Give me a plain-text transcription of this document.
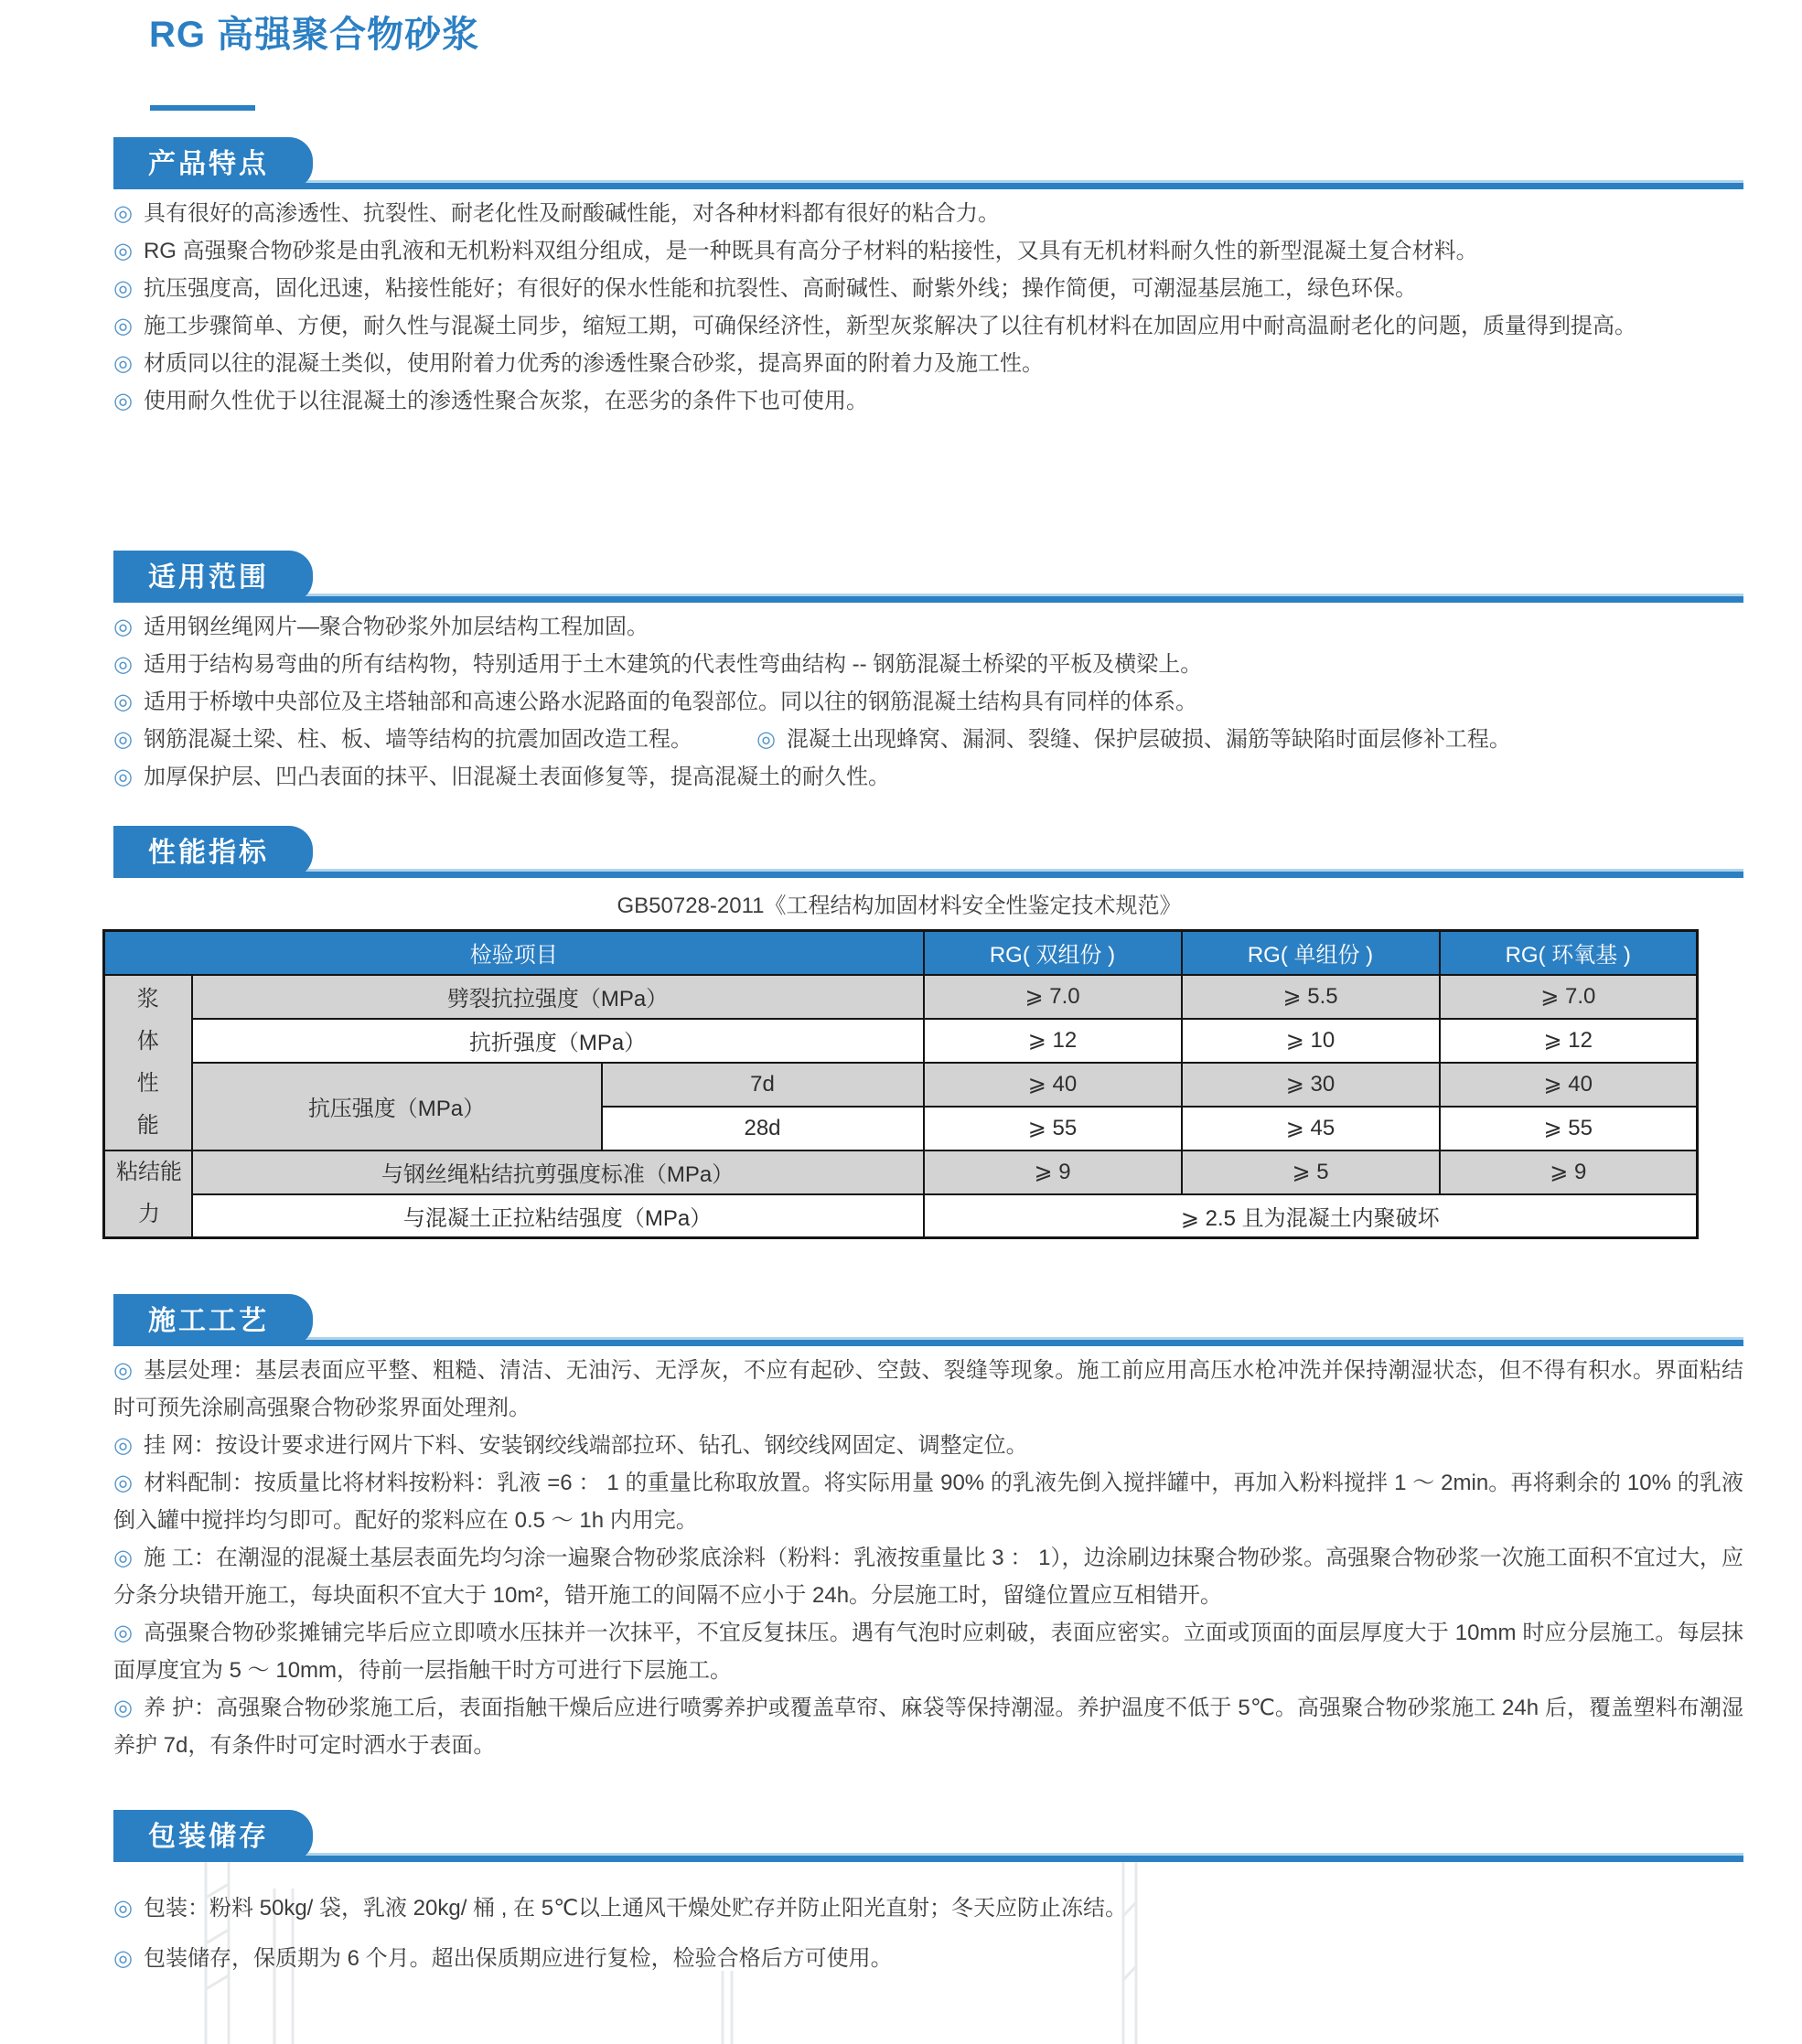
RG 高强聚合物砂浆
产品特点

◎ 具有很好的高渗透性、抗裂性、耐老化性及耐酸碱性能，对各种材料都有很好的粘合力。

◎ RG 高强聚合物砂浆是由乳液和无机粉料双组分组成，是一种既具有高分子材料的粘接性，又具有无机材料耐久性的新型混凝土复合材料。

◎ 抗压强度高，固化迅速，粘接性能好；有很好的保水性能和抗裂性、高耐碱性、耐紫外线；操作简便，可潮湿基层施工，绿色环保。

◎ 施工步骤简单、方便，耐久性与混凝土同步，缩短工期，可确保经济性，新型灰浆解决了以往有机材料在加固应用中耐高温耐老化的问题，质量得到提高。

◎ 材质同以往的混凝土类似，使用附着力优秀的渗透性聚合砂浆，提高界面的附着力及施工性。

◎ 使用耐久性优于以往混凝土的渗透性聚合灰浆，在恶劣的条件下也可使用。

适用范围

◎ 适用钢丝绳网片—聚合物砂浆外加层结构工程加固。

◎ 适用于结构易弯曲的所有结构物，特别适用于土木建筑的代表性弯曲结构 -- 钢筋混凝土桥梁的平板及横梁上。

◎ 适用于桥墩中央部位及主塔轴部和高速公路水泥路面的龟裂部位。同以往的钢筋混凝土结构具有同样的体系。

◎ 钢筋混凝土梁、柱、板、墙等结构的抗震加固改造工程。	◎ 混凝土出现蜂窝、漏洞、裂缝、保护层破损、漏筋等缺陷时面层修补工程。

◎ 加厚保护层、凹凸表面的抹平、旧混凝土表面修复等，提高混凝土的耐久性。

性能指标
GB50728-2011《工程结构加固材料安全性鉴定技术规范》
检验项目			RG( 双组份 )	RG( 单组份 )	RG( 环氧基 )

浆体性能	劈裂抗拉强度（MPa）		⩾ 7.0	⩾ 5.5	⩾ 7.0
	抗折强度（MPa）		⩾ 12	⩾ 10	⩾ 12
	抗压强度（MPa）	7d	⩾ 40	⩾ 30	⩾ 40
		28d	⩾ 55	⩾ 45	⩾ 55

粘结能力	与钢丝绳粘结抗剪强度标准（MPa）		⩾ 9	⩾ 5	⩾ 9
	与混凝土正拉粘结强度（MPa）		⩾ 2.5 且为混凝土内聚破坏		
施工工艺

◎ 基层处理：基层表面应平整、粗糙、清洁、无油污、无浮灰，不应有起砂、空鼓、裂缝等现象。施工前应用高压水枪冲洗并保持潮湿状态，但不得有积水。界面粘结时可预先涂刷高强聚合物砂浆界面处理剂。

◎ 挂 网：按设计要求进行网片下料、安装钢绞线端部拉环、钻孔、钢绞线网固定、调整定位。

◎ 材料配制：按质量比将材料按粉料：乳液 =6 ： 1 的重量比称取放置。将实际用量 90% 的乳液先倒入搅拌罐中，再加入粉料搅拌 1 ～ 2min。再将剩余的 10% 的乳液倒入罐中搅拌均匀即可。配好的浆料应在 0.5 ～ 1h 内用完。

◎ 施 工：在潮湿的混凝土基层表面先均匀涂一遍聚合物砂浆底涂料（粉料：乳液按重量比 3 ： 1），边涂刷边抹聚合物砂浆。高强聚合物砂浆一次施工面积不宜过大，应分条分块错开施工，每块面积不宜大于 10m²，错开施工的间隔不应小于 24h。分层施工时，留缝位置应互相错开。

◎ 高强聚合物砂浆摊铺完毕后应立即喷水压抹并一次抹平，不宜反复抹压。遇有气泡时应刺破，表面应密实。立面或顶面的面层厚度大于 10mm 时应分层施工。每层抹面厚度宜为 5 ～ 10mm，待前一层指触干时方可进行下层施工。

◎ 养 护：高强聚合物砂浆施工后，表面指触干燥后应进行喷雾养护或覆盖草帘、麻袋等保持潮湿。养护温度不低于 5℃。高强聚合物砂浆施工 24h 后，覆盖塑料布潮湿养护 7d，有条件时可定时洒水于表面。

包装储存

◎ 包装：粉料 50kg/ 袋，乳液 20kg/ 桶 , 在 5℃以上通风干燥处贮存并防止阳光直射；冬天应防止冻结。

◎ 包装储存，保质期为 6 个月。超出保质期应进行复检，检验合格后方可使用。
